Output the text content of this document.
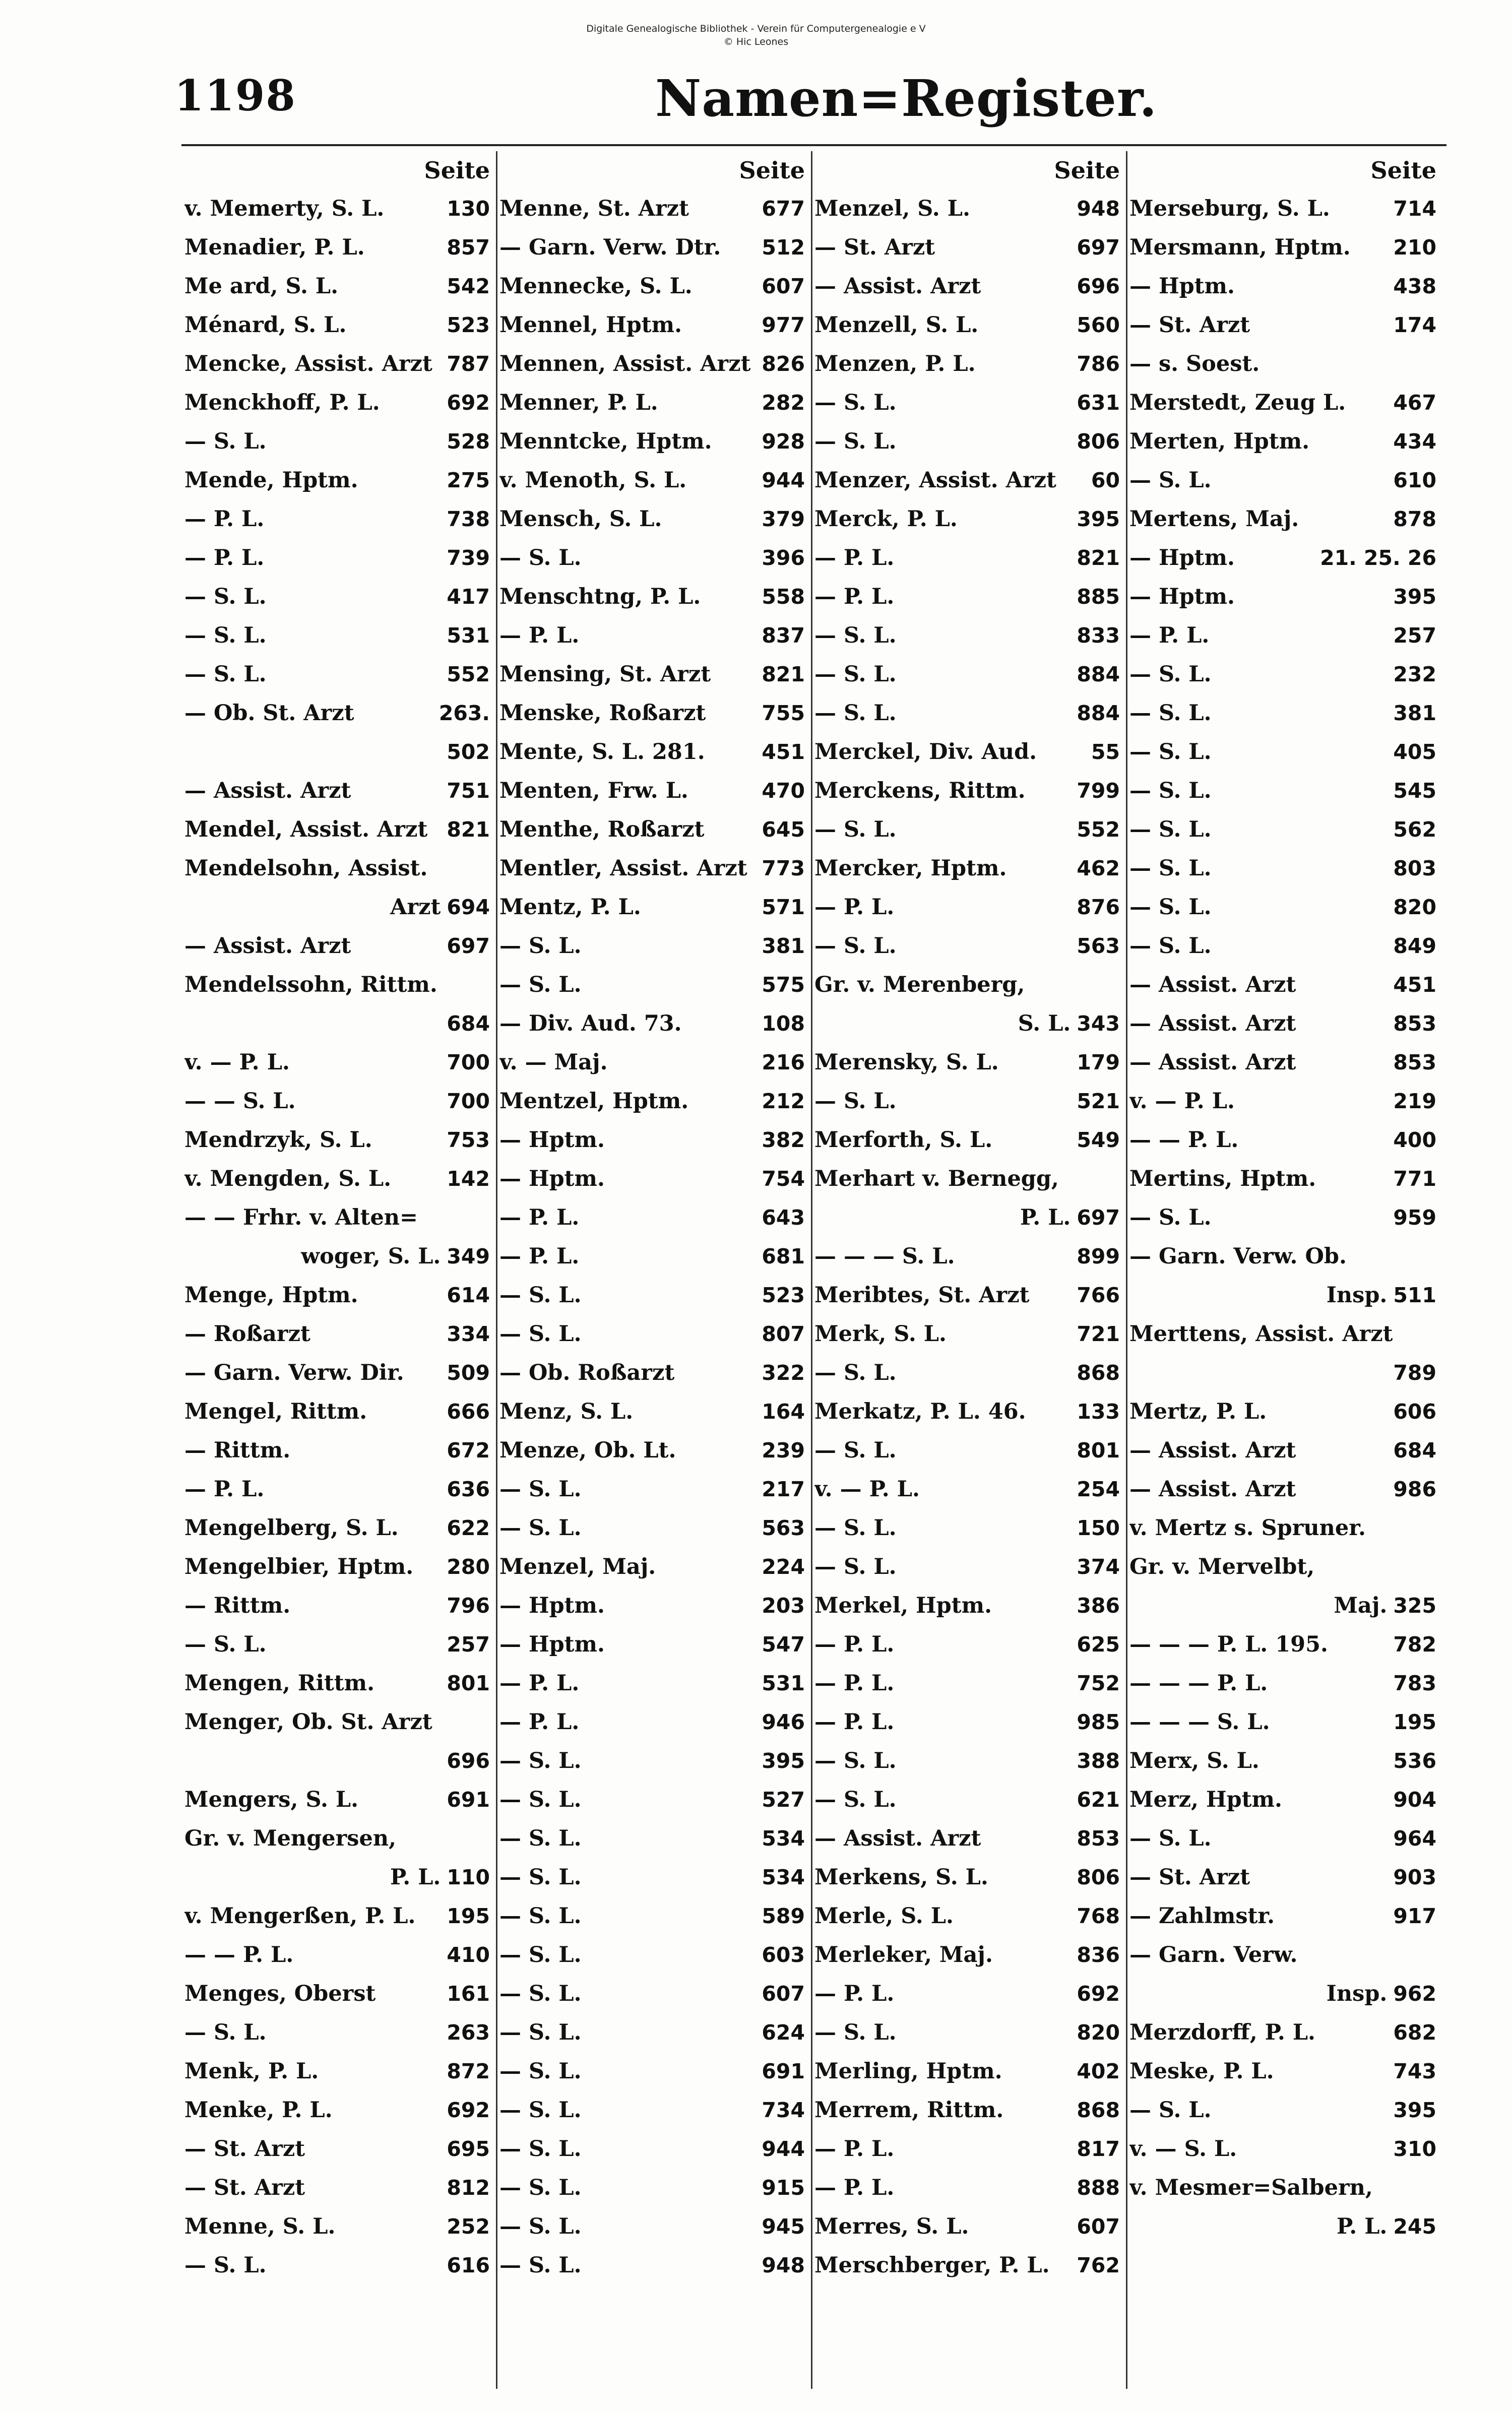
Digitale Genealogische Bibliothek - Verein für Computergenealogie e V
© Hic Leones
1198	Namen=Register.
Seite
v. Memerty, S. L.	130
Menadier, P. L.	857
Me ard, S. L.	542
Ménard, S. L.	523
Mencke, Assist. Arzt 787
Menckhoff, P. L.	692
— S. L.	528
Mende, Hptm.	275
— P. L.	738
— P. L.	739
— S. L.	417
— S. L.	531
— S. L.	552
— Ob. St. Arzt	263.
502
— Assist. Arzt	751
Mendel, Assist. Arzt 821
Mendelsohn, Assist.
Arzt 694
— Assist. Arzt	697
Mendelssohn, Rittm.
684
v. — P. L.	700
— — S. L.	700
Mendrzyk, S. L.	753
v. Mengden, S. L.	142
— — Frhr. v. Alten=
woger, S. L. 349
Menge, Hptm.	614
— Roßarzt	334
— Garn. Verw. Dir. 509
Mengel, Rittm.	666
— Rittm.	672
— P. L.	636
Mengelberg, S. L. 622
Mengelbier, Hptm. 280
— Rittm.	796
— S. L.	257
Mengen, Rittm.	801
Menger, Ob. St. Arzt
696
Mengers, S. L.	691
Gr. v. Mengersen,
P. L. 110
v. Mengerßen, P. L. 195
— — P. L.	410
Menges, Oberst	161
— S. L.	263
Menk, P. L.	872
Menke, P. L.	692
— St. Arzt	695
— St. Arzt	812
Menne, S. L.	252
— S. L.	616
Seite
Menne, St. Arzt	677
— Garn. Verw. Dtr. 512
Mennecke, S. L.	607
Mennel, Hptm.	977
Mennen, Assist. Arzt 826
Menner, P. L.	282
Menntcke, Hptm. 928
v. Menoth, S. L.	944
Mensch, S. L.	379
— S. L.	396
Menschtng, P. L.	558
— P. L.	837
Mensing, St. Arzt 821
Menske, Roßarzt	755
Mente, S. L. 281.	451
Menten, Frw. L.	470
Menthe, Roßarzt	645
Mentler, Assist. Arzt 773
Mentz, P. L.	571
— S. L.	381
— S. L.	575
— Div. Aud. 73.	108
v. — Maj.	216
Mentzel, Hptm.	212
— Hptm.	382
— Hptm.	754
— P. L.	643
— P. L.	681
— S. L.	523
— S. L.	807
— Ob. Roßarzt	322
Menz, S. L.	164
Menze, Ob. Lt.	239
— S. L.	217
— S. L.	563
Menzel, Maj.	224
— Hptm.	203
— Hptm.	547
— P. L.	531
— P. L.	946
— S. L.	395
— S. L.	527
— S. L.	534
— S. L.	534
— S. L.	589
— S. L.	603
— S. L.	607
— S. L.	624
— S. L.	691
— S. L.	734
— S. L.	944
— S. L.	915
— S. L.	945
— S. L.	948
Seite
Menzel, S. L.	948
— St. Arzt	697
— Assist. Arzt	696
Menzell, S. L.	560
Menzen, P. L.	786
— S. L.	631
— S. L.	806
Menzer, Assist. Arzt 60
Merck, P. L.	395
— P. L.	821
— P. L.	885
— S. L.	833
— S. L.	884
— S. L.	884
Merckel, Div. Aud.	55
Merckens, Rittm. 799
— S. L.	552
Mercker, Hptm.	462
— P. L.	876
— S. L.	563
Gr. v. Merenberg,
S. L. 343
Merensky, S. L.	179
— S. L.	521
Merforth, S. L.	549
Merhart v. Bernegg,
P. L. 697
— — — S. L.	899
Meribtes, St. Arzt 766
Merk, S. L.	721
— S. L.	868
Merkatz, P. L. 46. 133
— S. L.	801
v. — P. L.	254
— S. L.	150
— S. L.	374
Merkel, Hptm.	386
— P. L.	625
— P. L.	752
— P. L.	985
— S. L.	388
— S. L.	621
— Assist. Arzt	853
Merkens, S. L.	806
Merle, S. L.	768
Merleker, Maj.	836
— P. L.	692
— S. L.	820
Merling, Hptm.	402
Merrem, Rittm.	868
— P. L.	817
— P. L.	888
Merres, S. L.	607
Merschberger, P. L. 762
Seite
Merseburg, S. L.	714
Mersmann, Hptm. 210
— Hptm.	438
— St. Arzt	174
— s. Soest.
Merstedt, Zeug L. 467
Merten, Hptm.	434
— S. L.	610
Mertens, Maj.	878
— Hptm.	21. 25. 26
— Hptm.	395
— P. L.	257
— S. L.	232
— S. L.	381
— S. L.	405
— S. L.	545
— S. L.	562
— S. L.	803
— S. L.	820
— S. L.	849
— Assist. Arzt	451
— Assist. Arzt	853
— Assist. Arzt	853
v. — P. L.	219
— — P. L.	400
Mertins, Hptm.	771
— S. L.	959
— Garn. Verw. Ob.
Insp. 511
Merttens, Assist. Arzt
789
Mertz, P. L.	606
— Assist. Arzt	684
— Assist. Arzt	986
v. Mertz s. Spruner.
Gr. v. Mervelbt,
Maj. 325
— — — P. L. 195.	782
— — — P. L.	783
— — — S. L.	195
Merx, S. L.	536
Merz, Hptm.	904
— S. L.	964
— St. Arzt	903
— Zahlmstr.	917
— Garn. Verw.
Insp. 962
Merzdorff, P. L.	682
Meske, P. L.	743
— S. L.	395
v. — S. L.	310
v. Mesmer=Salbern,
P. L. 245
